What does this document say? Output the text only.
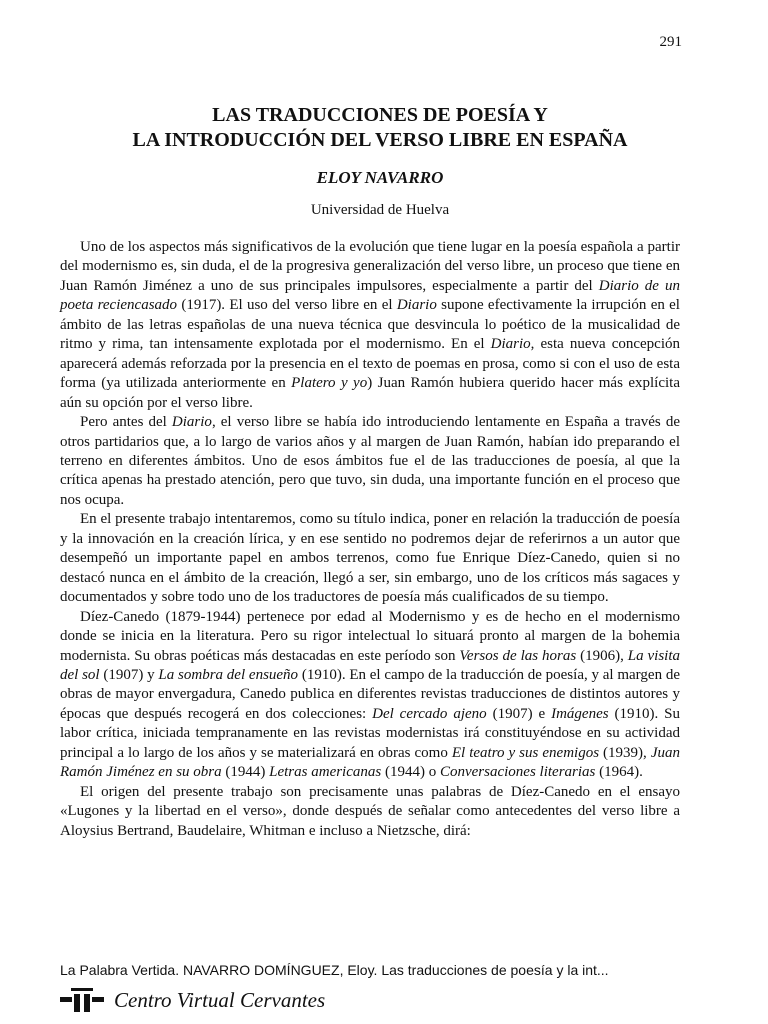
291
LAS TRADUCCIONES DE POESÍA Y
LA INTRODUCCIÓN DEL VERSO LIBRE EN ESPAÑA
ELOY NAVARRO
Universidad de Huelva

Uno de los aspectos más significativos de la evolución que tiene lugar en la poesía española a partir del modernismo es, sin duda, el de la progresiva generalización del verso libre, un proceso que tiene en Juan Ramón Jiménez a uno de sus principales impulsores, especialmente a partir del Diario de un poeta reciencasado (1917). El uso del verso libre en el Diario supone efectivamente la irrupción en el ámbito de las letras españolas de una nueva técnica que desvincula lo poético de la musicalidad de ritmo y rima, tan intensamente explotada por el modernismo. En el Diario, esta nueva concepción aparecerá además reforzada por la presencia en el texto de poemas en prosa, como si con el uso de esta forma (ya utilizada anteriormente en Platero y yo) Juan Ramón hubiera querido hacer más explícita aún su opción por el verso libre.

Pero antes del Diario, el verso libre se había ido introduciendo lentamente en España a través de otros partidarios que, a lo largo de varios años y al margen de Juan Ramón, habían ido preparando el terreno en diferentes ámbitos. Uno de esos ámbitos fue el de las traducciones de poesía, al que la crítica apenas ha prestado atención, pero que tuvo, sin duda, una importante función en el proceso que nos ocupa.

En el presente trabajo intentaremos, como su título indica, poner en relación la traducción de poesía y la innovación en la creación lírica, y en ese sentido no podremos dejar de referirnos a un autor que desempeñó un importante papel en ambos terrenos, como fue Enrique Díez-Canedo, quien si no destacó nunca en el ámbito de la creación, llegó a ser, sin embargo, uno de los críticos más sagaces y documentados y sobre todo uno de los traductores de poesía más cualificados de su tiempo.

Díez-Canedo (1879-1944) pertenece por edad al Modernismo y es de hecho en el modernismo donde se inicia en la literatura. Pero su rigor intelectual lo situará pronto al margen de la bohemia modernista. Su obras poéticas más destacadas en este período son Versos de las horas (1906), La visita del sol (1907) y La sombra del ensueño (1910). En el campo de la traducción de poesía, y al margen de obras de mayor envergadura, Canedo publica en diferentes revistas traducciones de distintos autores y épocas que después recogerá en dos colecciones: Del cercado ajeno (1907) e Imágenes (1910). Su labor crítica, iniciada tempranamente en las revistas modernistas irá constituyéndose en su actividad principal a lo largo de los años y se materializará en obras como El teatro y sus enemigos (1939), Juan Ramón Jiménez en su obra (1944) Letras americanas (1944) o Conversaciones literarias (1964).

El origen del presente trabajo son precisamente unas palabras de Díez-Canedo en el ensayo «Lugones y la libertad en el verso», donde después de señalar como antecedentes del verso libre a Aloysius Bertrand, Baudelaire, Whitman e incluso a Nietzsche, dirá:

La Palabra Vertida. NAVARRO DOMÍNGUEZ, Eloy. Las traducciones de poesía y la int...
Centro Virtual Cervantes
